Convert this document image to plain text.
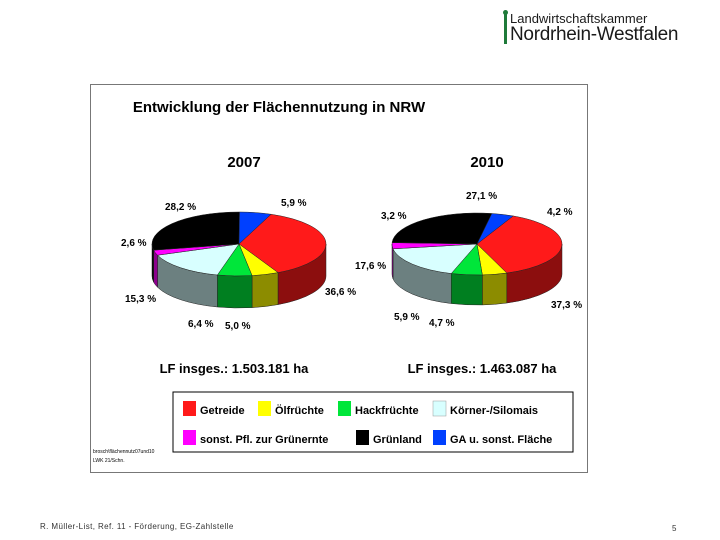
Landwirtschaftskammer
Nordrhein-Westfalen
Entwicklung der Flächennutzung in NRW
2007	2010
36,6 %
5,0 %
6,4 %
15,3 %
2,6 %
28,2 %	5,9 %
37,3 %
4,7 %
5,9 %
17,6 %
3,2 %
27,1 %
4,2 %
LF insges.: 1.503.181 ha	LF insges.: 1.463.087 ha
Getreide	Ölfrüchte	Hackfrüchte	Körner-/Silomais
sonst. Pfl. zur Grünernte	Grünland	GA u. sonst. Fläche
brosch\flächennutz07und10
LWK 21/Schn.
R. Müller-List, Ref. 11 - Förderung, EG-Zahlstelle	5
